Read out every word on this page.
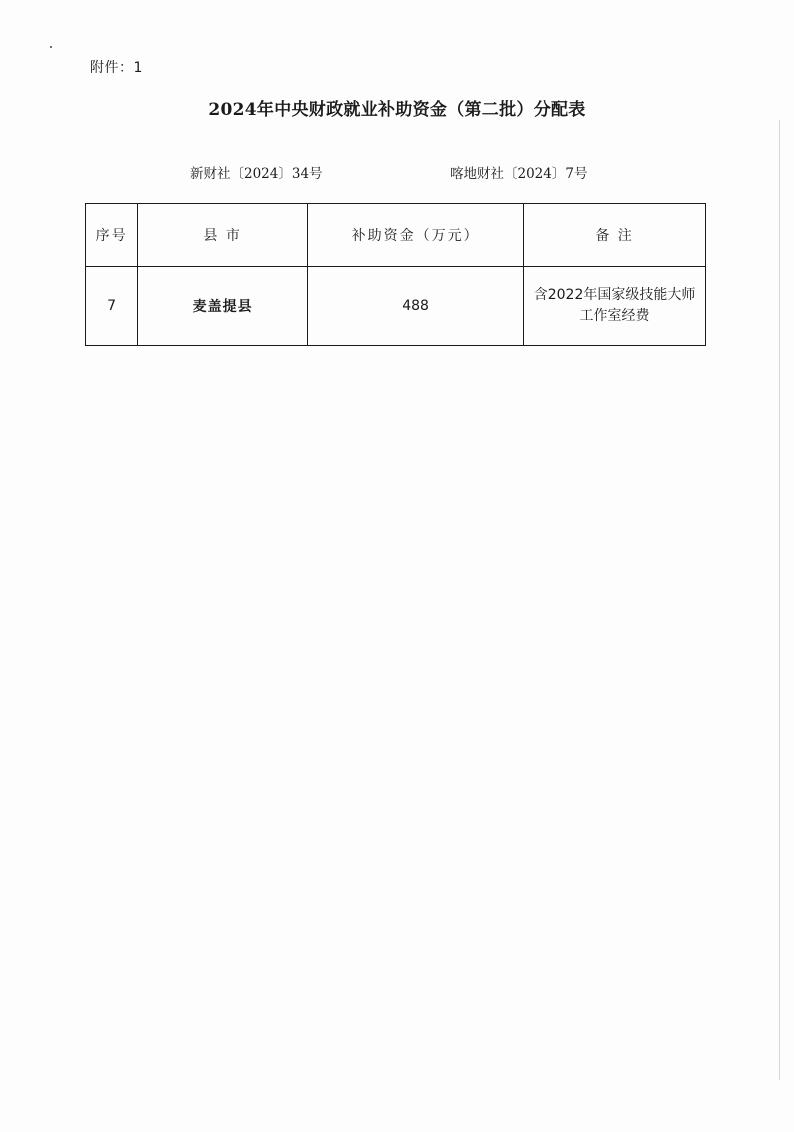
附件：1
2024年中央财政就业补助资金（第二批）分配表
新财社〔2024〕34号	喀地财社〔2024〕7号
序号	县 市	补助资金（万元）	备 注
7	麦盖提县	488	含2022年国家级技能大师
工作室经费
